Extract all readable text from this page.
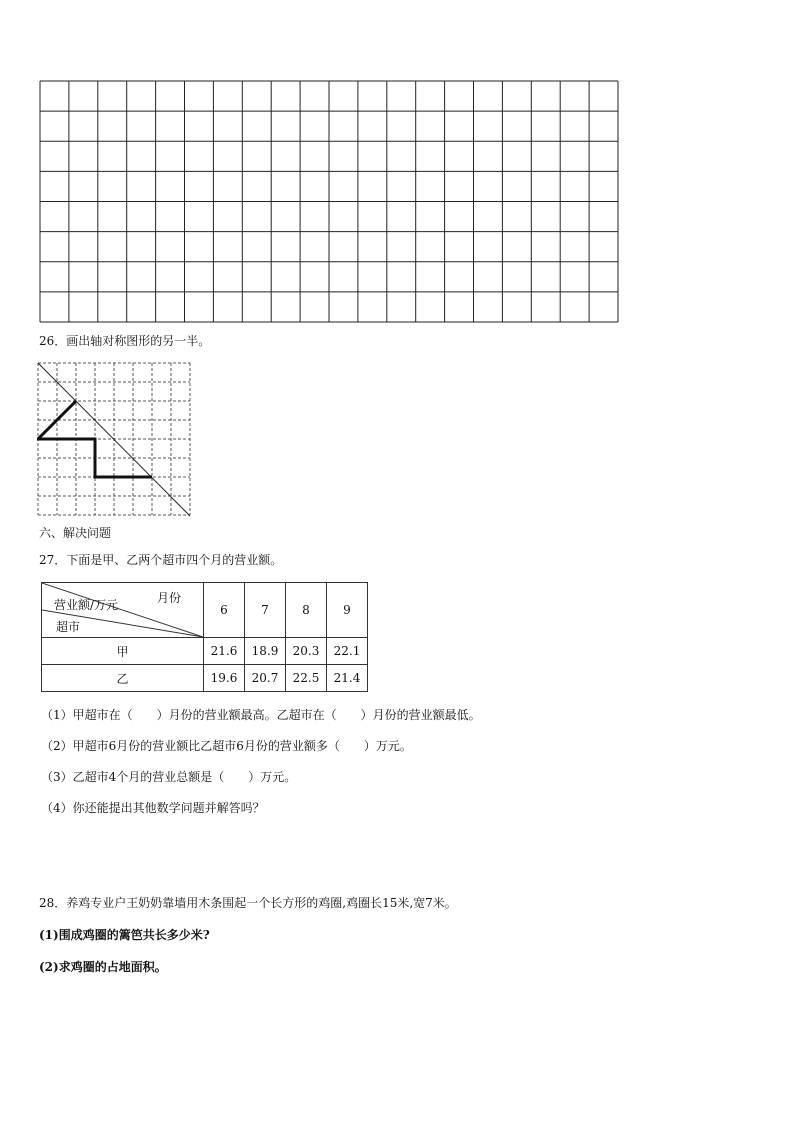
26．画出轴对称图形的另一半。
六、解决问题
27．下面是甲、乙两个超市四个月的营业额。
月份
营业额/万元
超市	6	7	8	9
甲	21.6	18.9	20.3	22.1
乙	19.6	20.7	22.5	21.4
（1）甲超市在（　　）月份的营业额最高。乙超市在（　　）月份的营业额最低。
（2）甲超市6月份的营业额比乙超市6月份的营业额多（　　）万元。
（3）乙超市4个月的营业总额是（　　）万元。
（4）你还能提出其他数学问题并解答吗？
28．养鸡专业户王奶奶靠墙用木条围起一个长方形的鸡圈,鸡圈长15米,宽7米。
(1)围成鸡圈的篱笆共长多少米?
(2)求鸡圈的占地面积。
